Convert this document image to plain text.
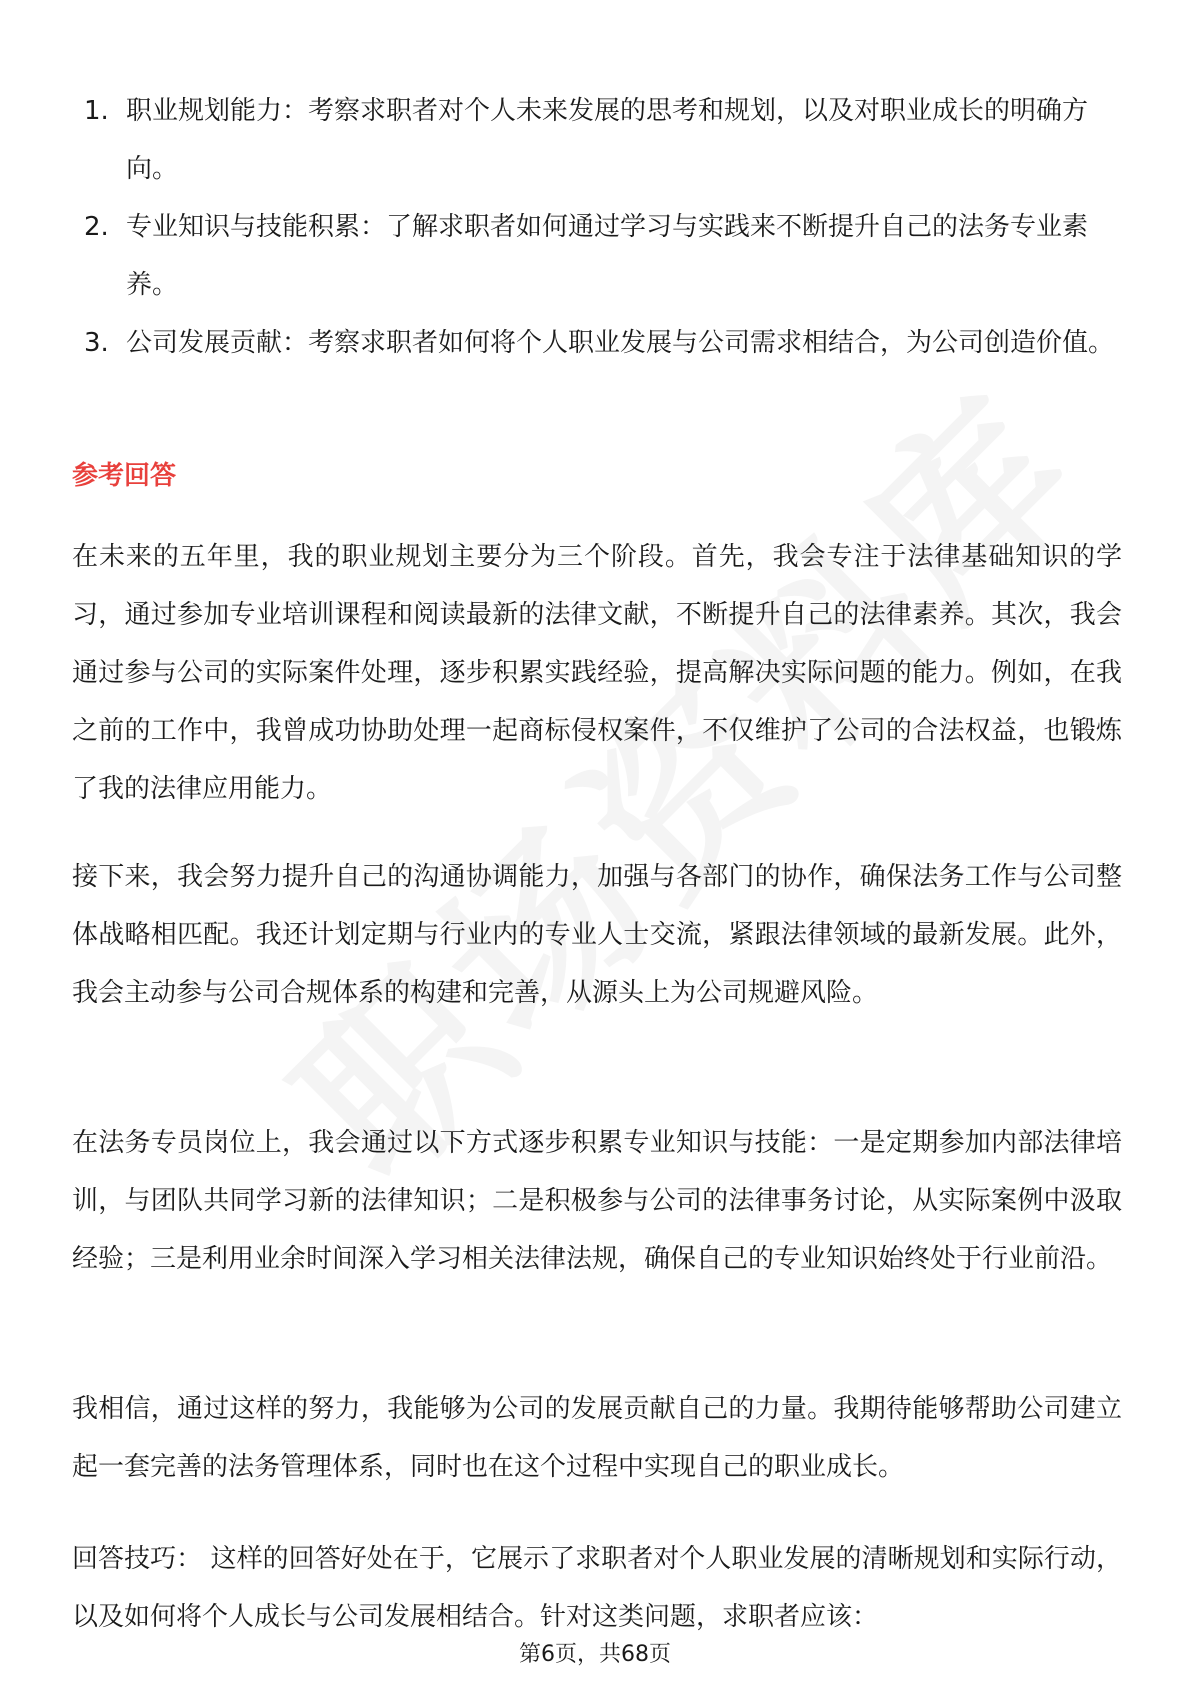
1. 职业规划能力：考察求职者对个人未来发展的思考和规划，以及对职业成长的明确方向。
2. 专业知识与技能积累：了解求职者如何通过学习与实践来不断提升自己的法务专业素养。
3. 公司发展贡献：考察求职者如何将个人职业发展与公司需求相结合，为公司创造价值。
参考回答

在未来的五年里，我的职业规划主要分为三个阶段。首先，我会专注于法律基础知识的学习，通过参加专业培训课程和阅读最新的法律文献，不断提升自己的法律素养。其次，我会通过参与公司的实际案件处理，逐步积累实践经验，提高解决实际问题的能力。例如，在我之前的工作中，我曾成功协助处理一起商标侵权案件，不仅维护了公司的合法权益，也锻炼了我的法律应用能力。

接下来，我会努力提升自己的沟通协调能力，加强与各部门的协作，确保法务工作与公司整体战略相匹配。我还计划定期与行业内的专业人士交流，紧跟法律领域的最新发展。此外，我会主动参与公司合规体系的构建和完善，从源头上为公司规避风险。

在法务专员岗位上，我会通过以下方式逐步积累专业知识与技能：一是定期参加内部法律培训，与团队共同学习新的法律知识；二是积极参与公司的法律事务讨论，从实际案例中汲取经验；三是利用业余时间深入学习相关法律法规，确保自己的专业知识始终处于行业前沿。

我相信，通过这样的努力，我能够为公司的发展贡献自己的力量。我期待能够帮助公司建立起一套完善的法务管理体系，同时也在这个过程中实现自己的职业成长。

回答技巧： 这样的回答好处在于，它展示了求职者对个人职业发展的清晰规划和实际行动，以及如何将个人成长与公司发展相结合。针对这类问题，求职者应该：

第6页，共68页
